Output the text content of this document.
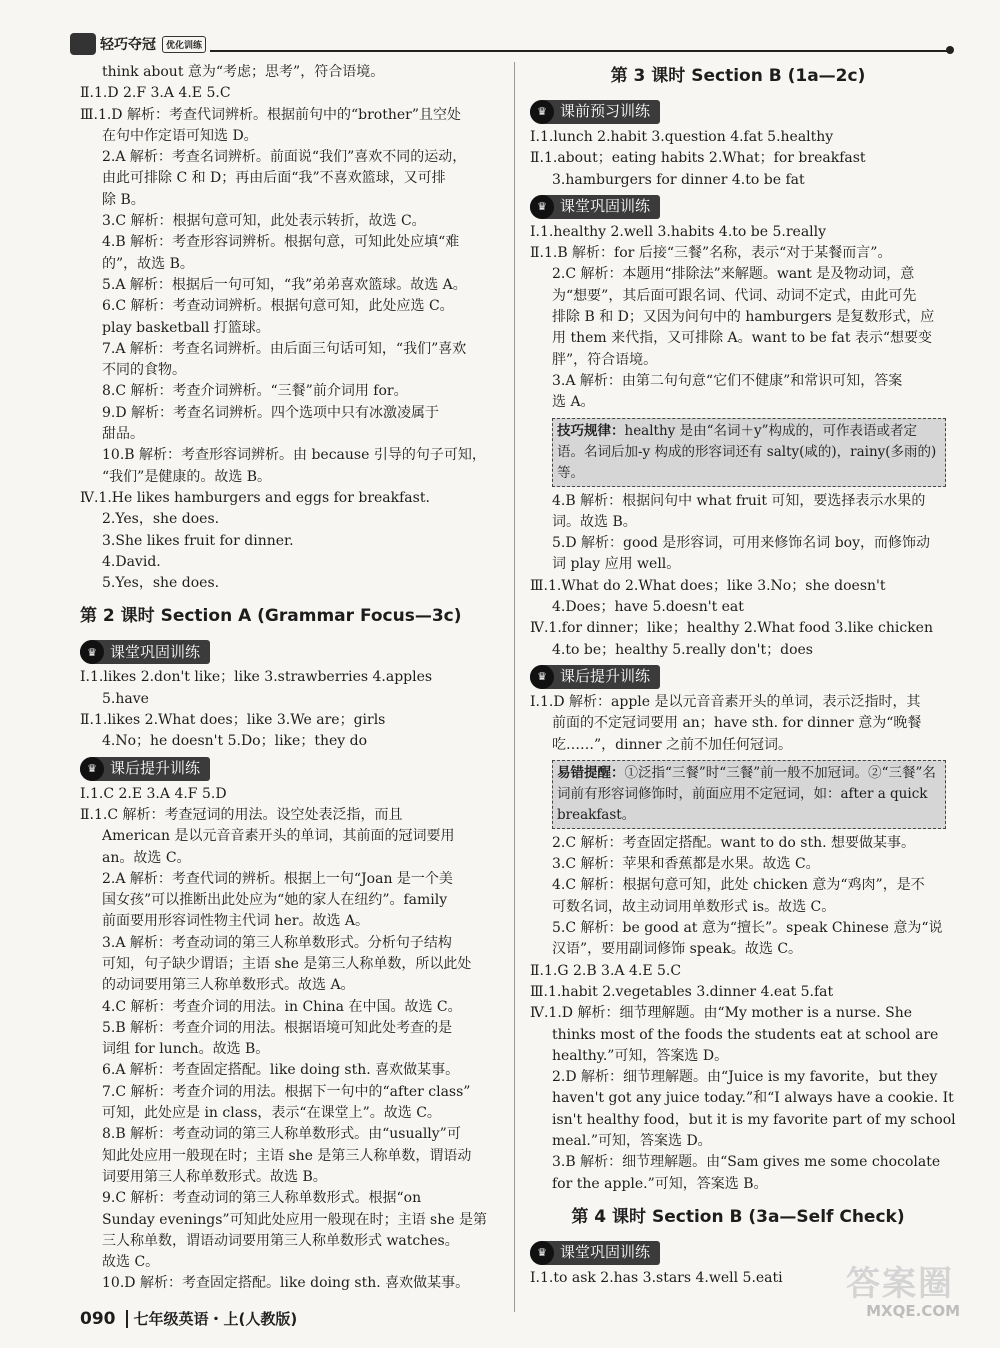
轻巧夺冠	优化训练
think about 意为“考虑；思考”，符合语境。
Ⅱ.1.D 2.F 3.A 4.E 5.C
Ⅲ.1.D 解析：考查代词辨析。根据前句中的“brother”且空处
在句中作定语可知选 D。
2.A 解析：考查名词辨析。前面说“我们”喜欢不同的运动，
由此可排除 C 和 D；再由后面“我”不喜欢篮球，又可排
除 B。
3.C 解析：根据句意可知，此处表示转折，故选 C。
4.B 解析：考查形容词辨析。根据句意，可知此处应填“难
的”，故选 B。
5.A 解析：根据后一句可知，“我”弟弟喜欢篮球。故选 A。
6.C 解析：考查动词辨析。根据句意可知，此处应选 C。
play basketball 打篮球。
7.A 解析：考查名词辨析。由后面三句话可知，“我们”喜欢
不同的食物。
8.C 解析：考查介词辨析。“三餐”前介词用 for。
9.D 解析：考查名词辨析。四个选项中只有冰激凌属于
甜品。
10.B 解析：考查形容词辨析。由 because 引导的句子可知，
“我们”是健康的。故选 B。
Ⅳ.1.He likes hamburgers and eggs for breakfast.
2.Yes，she does.
3.She likes fruit for dinner.
4.David.
5.Yes，she does.
第 2 课时 Section A (Grammar Focus—3c)
♛ 课堂巩固训练
Ⅰ.1.likes 2.don't like；like 3.strawberries 4.apples
5.have
Ⅱ.1.likes 2.What does；like 3.We are；girls
4.No；he doesn't 5.Do；like；they do
♛ 课后提升训练
Ⅰ.1.C 2.E 3.A 4.F 5.D
Ⅱ.1.C 解析：考查冠词的用法。设空处表泛指，而且
American 是以元音音素开头的单词，其前面的冠词要用
an。故选 C。
2.A 解析：考查代词的辨析。根据上一句“Joan 是一个美
国女孩”可以推断出此处应为“她的家人在纽约”。family
前面要用形容词性物主代词 her。故选 A。
3.A 解析：考查动词的第三人称单数形式。分析句子结构
可知，句子缺少谓语；主语 she 是第三人称单数，所以此处
的动词要用第三人称单数形式。故选 A。
4.C 解析：考查介词的用法。in China 在中国。故选 C。
5.B 解析：考查介词的用法。根据语境可知此处考查的是
词组 for lunch。故选 B。
6.A 解析：考查固定搭配。like doing sth. 喜欢做某事。
7.C 解析：考查介词的用法。根据下一句中的“after class”
可知，此处应是 in class，表示“在课堂上”。故选 C。
8.B 解析：考查动词的第三人称单数形式。由“usually”可
知此处应用一般现在时；主语 she 是第三人称单数，谓语动
词要用第三人称单数形式。故选 B。
9.C 解析：考查动词的第三人称单数形式。根据“on
Sunday evenings”可知此处应用一般现在时；主语 she 是第
三人称单数，谓语动词要用第三人称单数形式 watches。
故选 C。
10.D 解析：考查固定搭配。like doing sth. 喜欢做某事。
第 3 课时 Section B (1a—2c)
♛ 课前预习训练
Ⅰ.1.lunch 2.habit 3.question 4.fat 5.healthy
Ⅱ.1.about；eating habits 2.What；for breakfast
3.hamburgers for dinner 4.to be fat
♛ 课堂巩固训练
Ⅰ.1.healthy 2.well 3.habits 4.to be 5.really
Ⅱ.1.B 解析：for 后接“三餐”名称，表示“对于某餐而言”。
2.C 解析：本题用“排除法”来解题。want 是及物动词，意
为“想要”，其后面可跟名词、代词、动词不定式，由此可先
排除 B 和 D；又因为问句中的 hamburgers 是复数形式，应
用 them 来代指，又可排除 A。want to be fat 表示“想要变
胖”，符合语境。
3.A 解析：由第二句句意“它们不健康”和常识可知，答案
选 A。
技巧规律：healthy 是由“名词＋y”构成的，可作表语或者定语。名词后加-y 构成的形容词还有 salty(咸的)，rainy(多雨的)等。
4.B 解析：根据问句中 what fruit 可知，要选择表示水果的
词。故选 B。
5.D 解析：good 是形容词，可用来修饰名词 boy，而修饰动
词 play 应用 well。
Ⅲ.1.What do 2.What does；like 3.No；she doesn't
4.Does；have 5.doesn't eat
Ⅳ.1.for dinner；like；healthy 2.What food 3.like chicken
4.to be；healthy 5.really don't；does
♛ 课后提升训练
Ⅰ.1.D 解析：apple 是以元音音素开头的单词，表示泛指时，其
前面的不定冠词要用 an；have sth. for dinner 意为“晚餐
吃……”，dinner 之前不加任何冠词。
易错提醒：①泛指“三餐”时“三餐”前一般不加冠词。②“三餐”名词前有形容词修饰时，前面应用不定冠词，如：after a quick breakfast。
2.C 解析：考查固定搭配。want to do sth. 想要做某事。
3.C 解析：苹果和香蕉都是水果。故选 C。
4.C 解析：根据句意可知，此处 chicken 意为“鸡肉”，是不
可数名词，故主动词用单数形式 is。故选 C。
5.C 解析：be good at 意为“擅长”。speak Chinese 意为“说
汉语”，要用副词修饰 speak。故选 C。
Ⅱ.1.G 2.B 3.A 4.E 5.C
Ⅲ.1.habit 2.vegetables 3.dinner 4.eat 5.fat
Ⅳ.1.D 解析：细节理解题。由“My mother is a nurse. She
thinks most of the foods the students eat at school are
healthy.”可知，答案选 D。
2.D 解析：细节理解题。由“Juice is my favorite，but they
haven't got any juice today.”和“I always have a cookie. It
isn't healthy food，but it is my favorite part of my school
meal.”可知，答案选 D。
3.B 解析：细节理解题。由“Sam gives me some chocolate
for the apple.”可知，答案选 B。
第 4 课时 Section B (3a—Self Check)
♛ 课堂巩固训练
Ⅰ.1.to ask 2.has 3.stars 4.well 5.eati
090 七年级英语・上(人教版)
答案圈
MXQE.COM
